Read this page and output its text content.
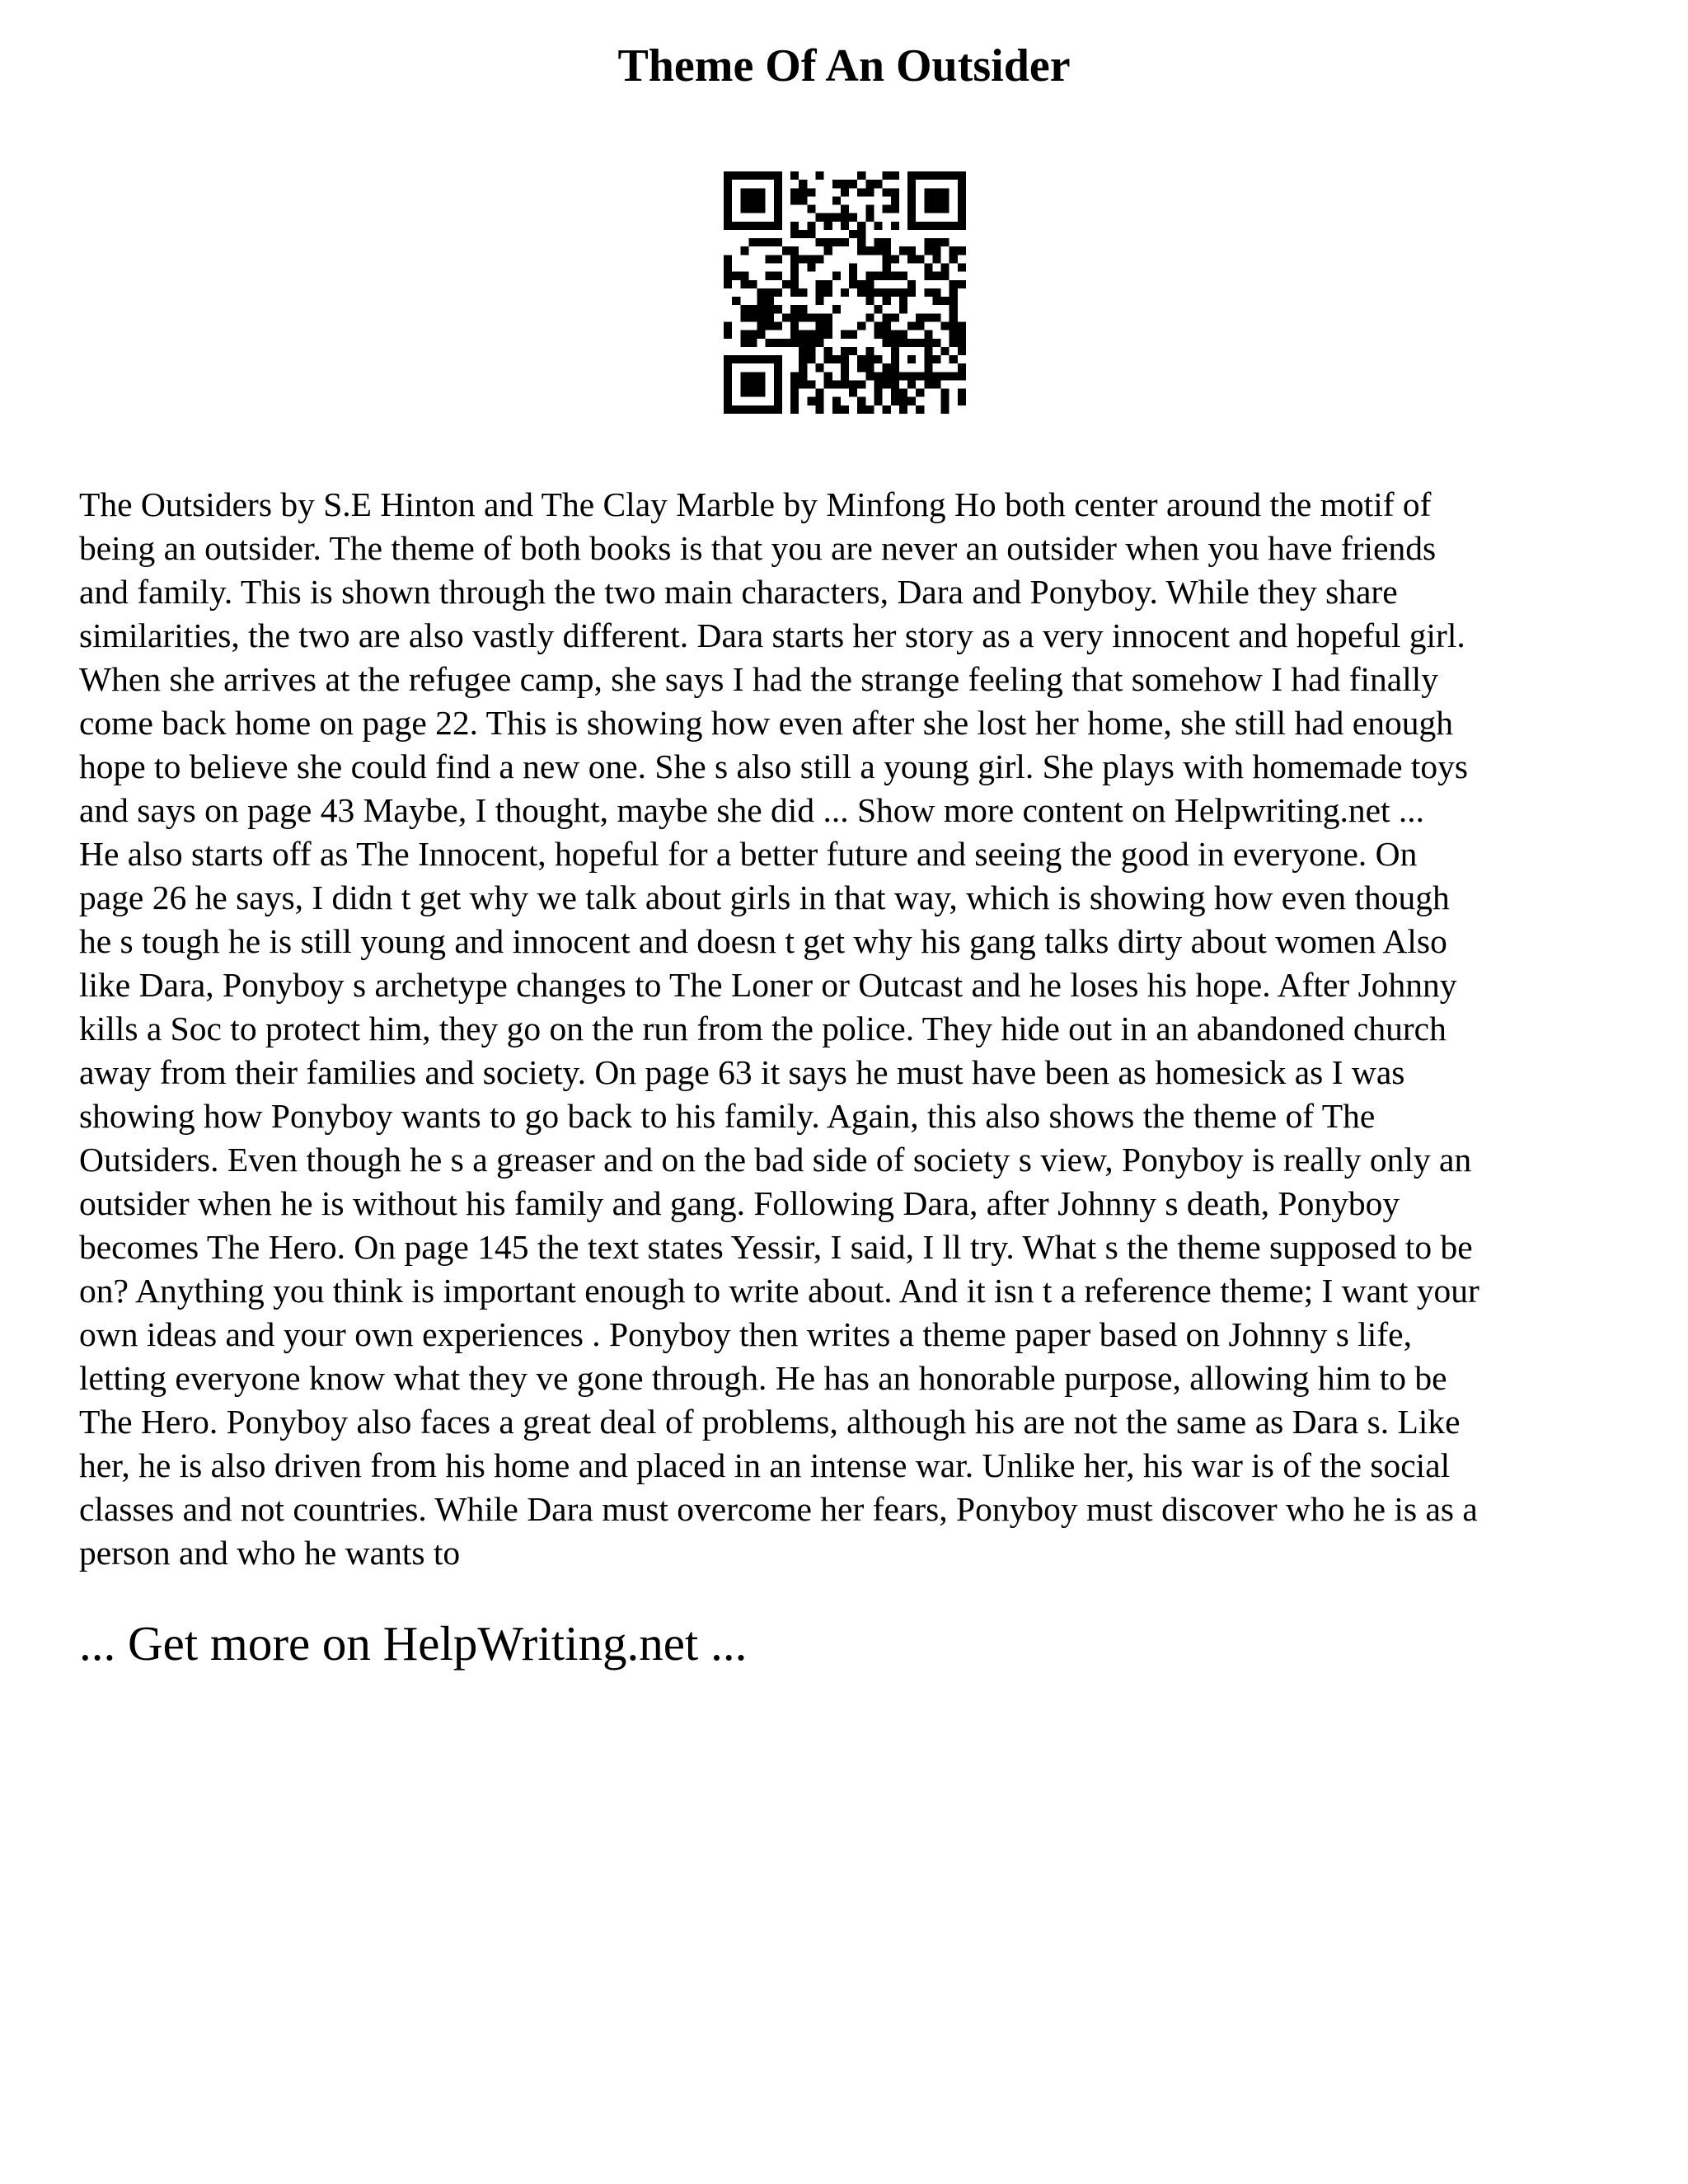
Theme Of An Outsider
The Outsiders by S.E Hinton and The Clay Marble by Minfong Ho both center around the motif of
being an outsider. The theme of both books is that you are never an outsider when you have friends
and family. This is shown through the two main characters, Dara and Ponyboy. While they share
similarities, the two are also vastly different. Dara starts her story as a very innocent and hopeful girl.
When she arrives at the refugee camp, she says I had the strange feeling that somehow I had finally
come back home on page 22. This is showing how even after she lost her home, she still had enough
hope to believe she could find a new one. She s also still a young girl. She plays with homemade toys
and says on page 43 Maybe, I thought, maybe she did ... Show more content on Helpwriting.net ...
He also starts off as The Innocent, hopeful for a better future and seeing the good in everyone. On
page 26 he says, I didn t get why we talk about girls in that way, which is showing how even though
he s tough he is still young and innocent and doesn t get why his gang talks dirty about women Also
like Dara, Ponyboy s archetype changes to The Loner or Outcast and he loses his hope. After Johnny
kills a Soc to protect him, they go on the run from the police. They hide out in an abandoned church
away from their families and society. On page 63 it says he must have been as homesick as I was
showing how Ponyboy wants to go back to his family. Again, this also shows the theme of The
Outsiders. Even though he s a greaser and on the bad side of society s view, Ponyboy is really only an
outsider when he is without his family and gang. Following Dara, after Johnny s death, Ponyboy
becomes The Hero. On page 145 the text states Yessir, I said, I ll try. What s the theme supposed to be
on? Anything you think is important enough to write about. And it isn t a reference theme; I want your
own ideas and your own experiences . Ponyboy then writes a theme paper based on Johnny s life,
letting everyone know what they ve gone through. He has an honorable purpose, allowing him to be
The Hero. Ponyboy also faces a great deal of problems, although his are not the same as Dara s. Like
her, he is also driven from his home and placed in an intense war. Unlike her, his war is of the social
classes and not countries. While Dara must overcome her fears, Ponyboy must discover who he is as a
person and who he wants to

... Get more on HelpWriting.net ...
